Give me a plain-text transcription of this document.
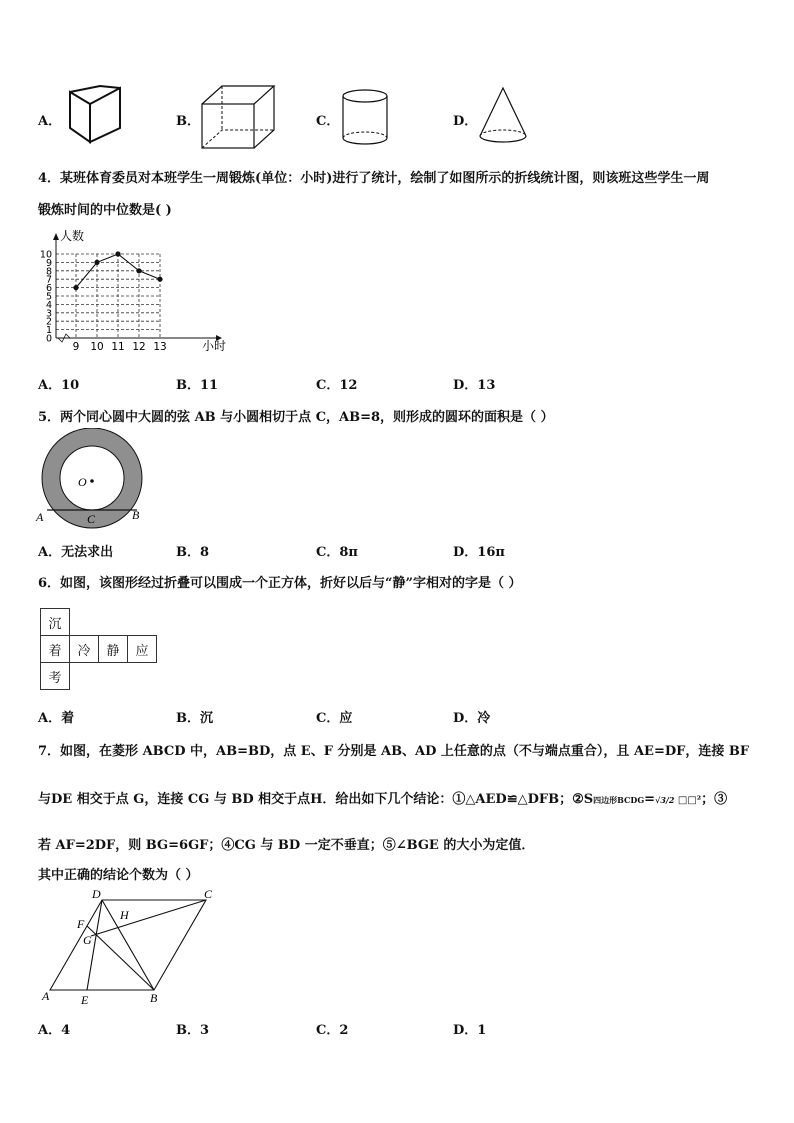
A．	B．	C．	D．
4．某班体育委员对本班学生一周锻炼(单位：小时)进行了统计，绘制了如图所示的折线统计图，则该班这些学生一周
锻炼时间的中位数是( )
0
1
2
3
4
5
6
7
8
9
10
9 10 11 12 13
人数
小时
A．10	B．11	C．12	D．13
5．两个同心圆中大圆的弦 AB 与小圆相切于点 C，AB=8，则形成的圆环的面积是（ ）
O
A	B
C
A．无法求出	B．8	C．8π	D．16π
6．如图，该图形经过折叠可以围成一个正方体，折好以后与“静”字相对的字是（ ）
沉			
着	冷	静	应
考			
A．着	B．沉	C．应	D．冷
7．如图，在菱形 ABCD 中，AB=BD，点 E、F 分别是 AB、AD 上任意的点（不与端点重合），且 AE=DF，连接 BF
与DE 相交于点 G，连接 CG 与 BD 相交于点H．给出如下几个结论：①△AED≌△DFB；②S四边形BCDG=√3/2 □□²；③
若 AF=2DF，则 BG=6GF；④CG 与 BD 一定不垂直；⑤∠BGE 的大小为定值．
其中正确的结论个数为（ ）
D	C
H
F
G
A	E	B
A．4	B．3	C．2	D．1
